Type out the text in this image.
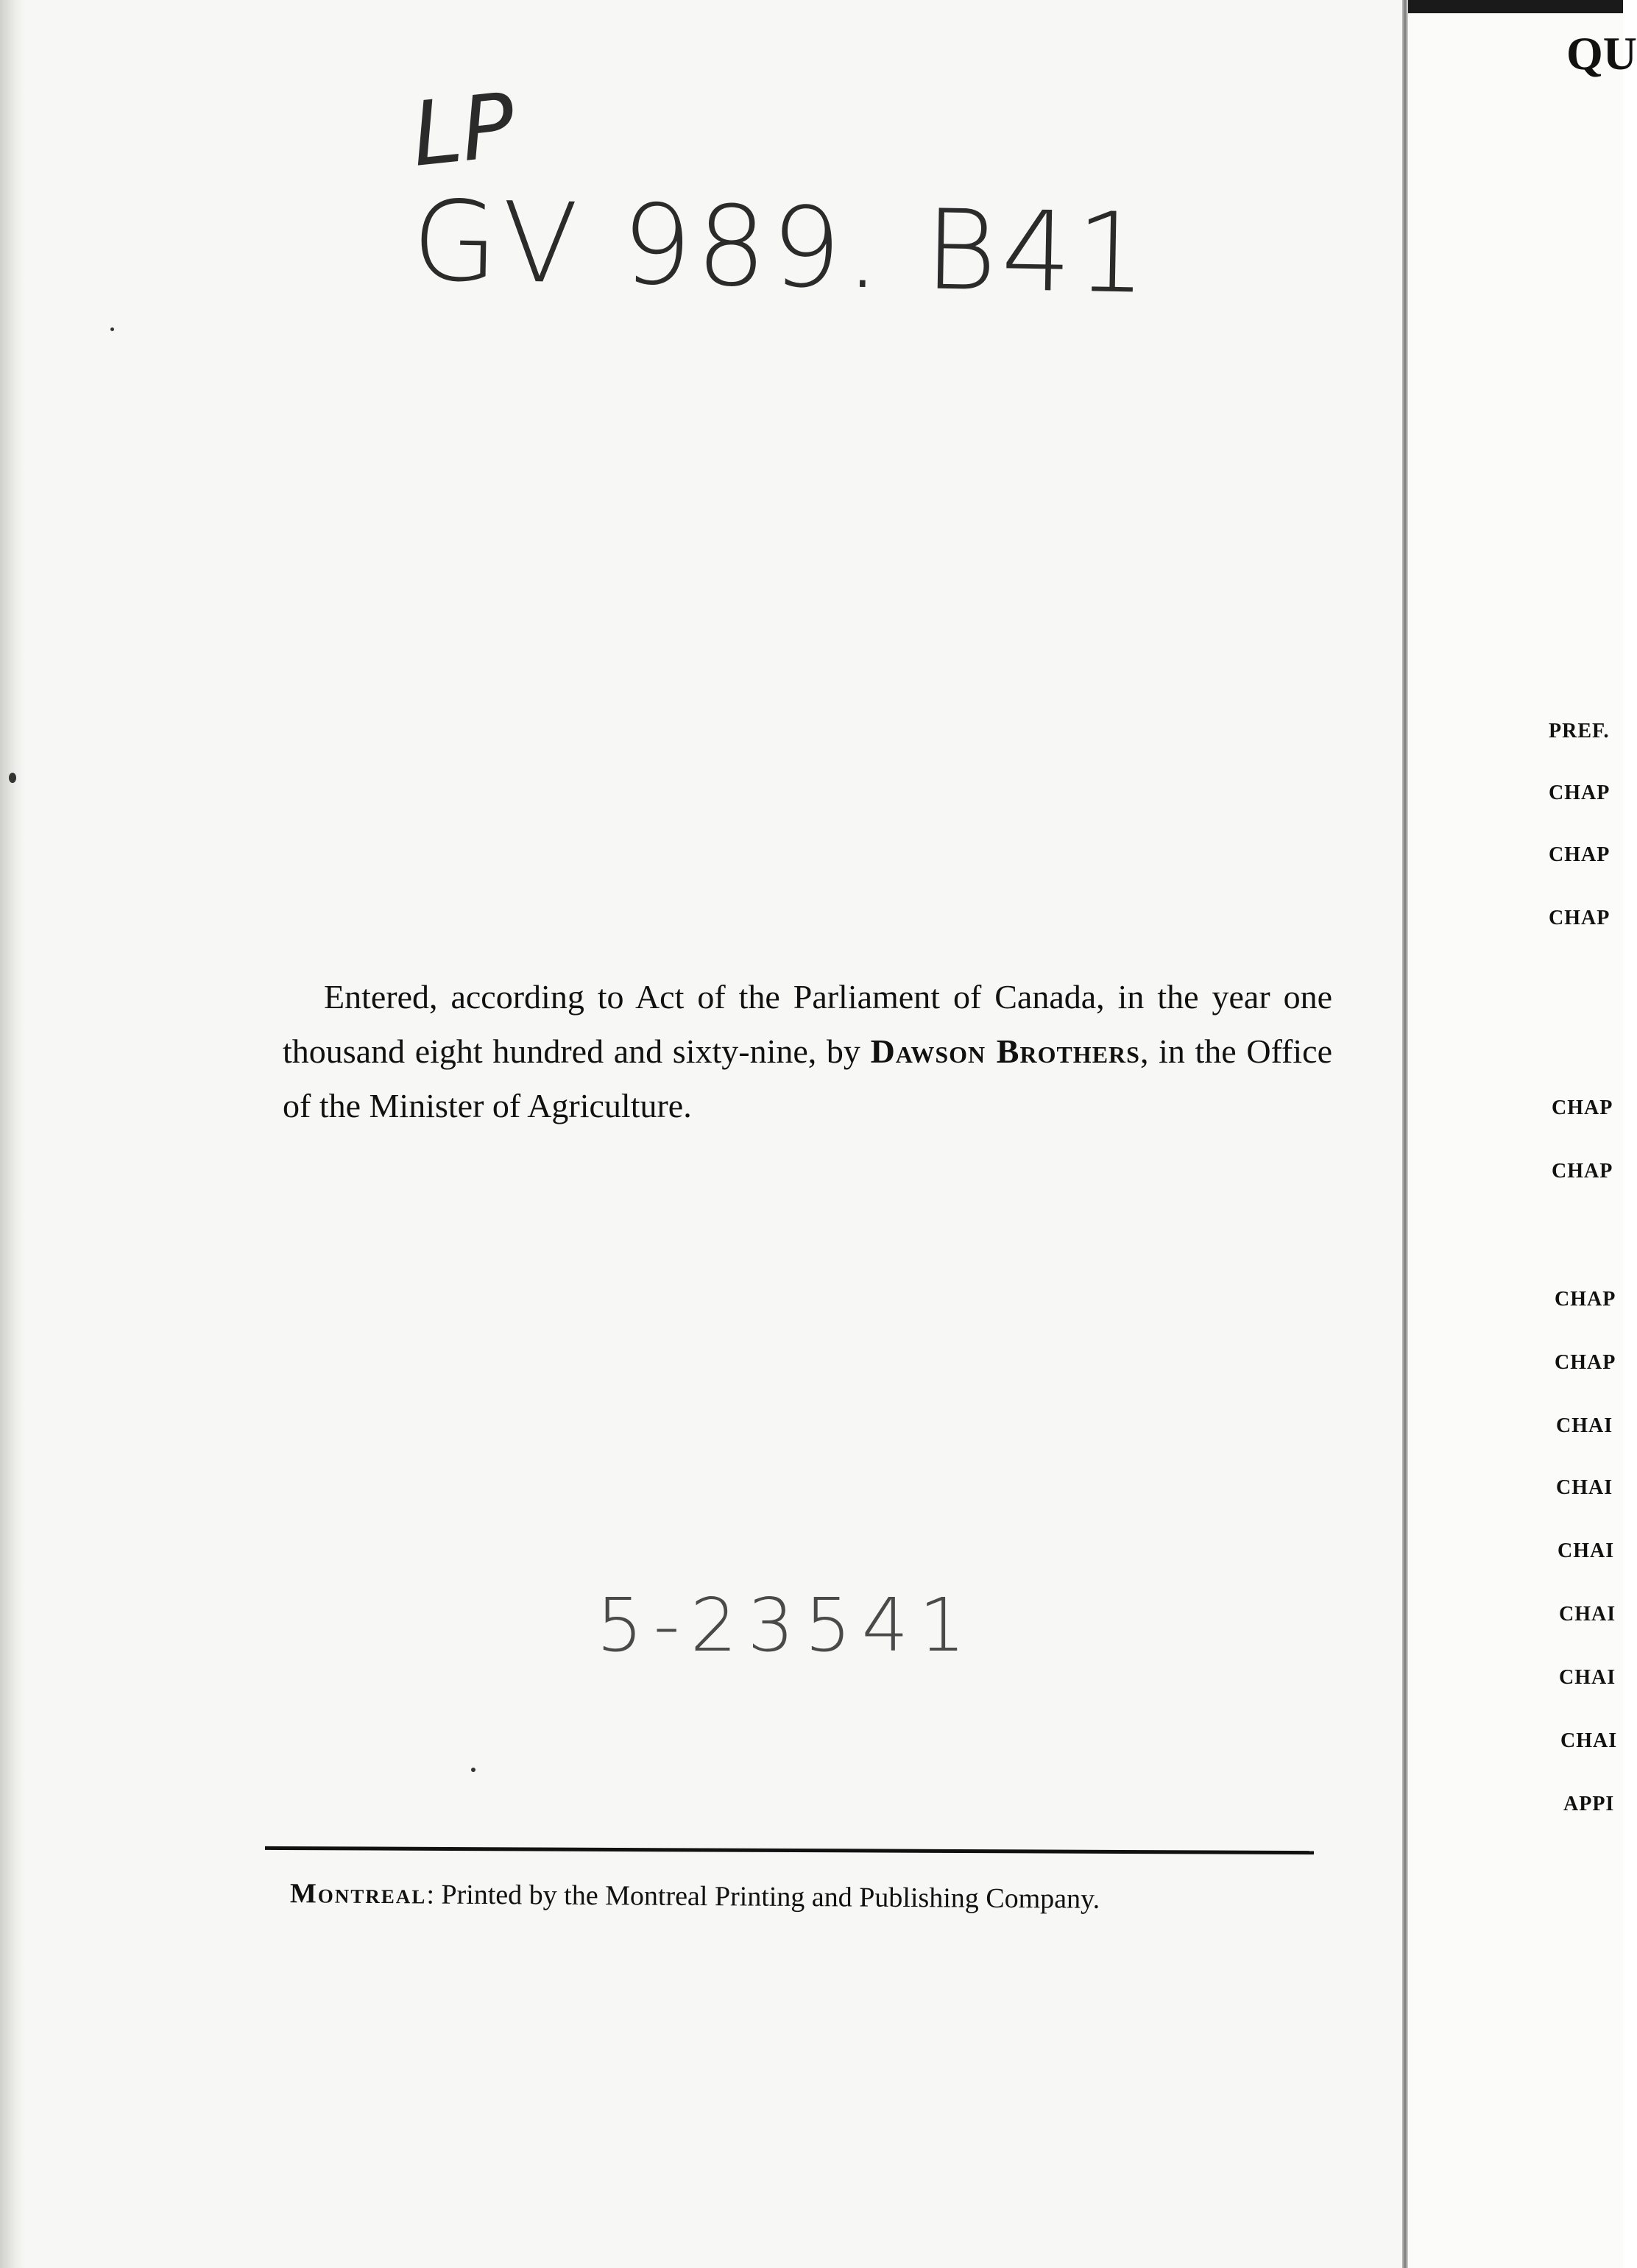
LP
GV 989. B41

Entered, according to Act of the Parliament of Canada, in the year one thousand eight hundred and sixty-nine, by Dawson Brothers, in the Office of the Minister of Agriculture.

5-23541
Montreal: Printed by the Montreal Printing and Publishing Company.
QU
PREF.
CHAP
CHAP
CHAP
CHAP
CHAP
CHAP
CHAP
CHAI
CHAI
CHAI
CHAI
CHAI
CHAI
APPI
